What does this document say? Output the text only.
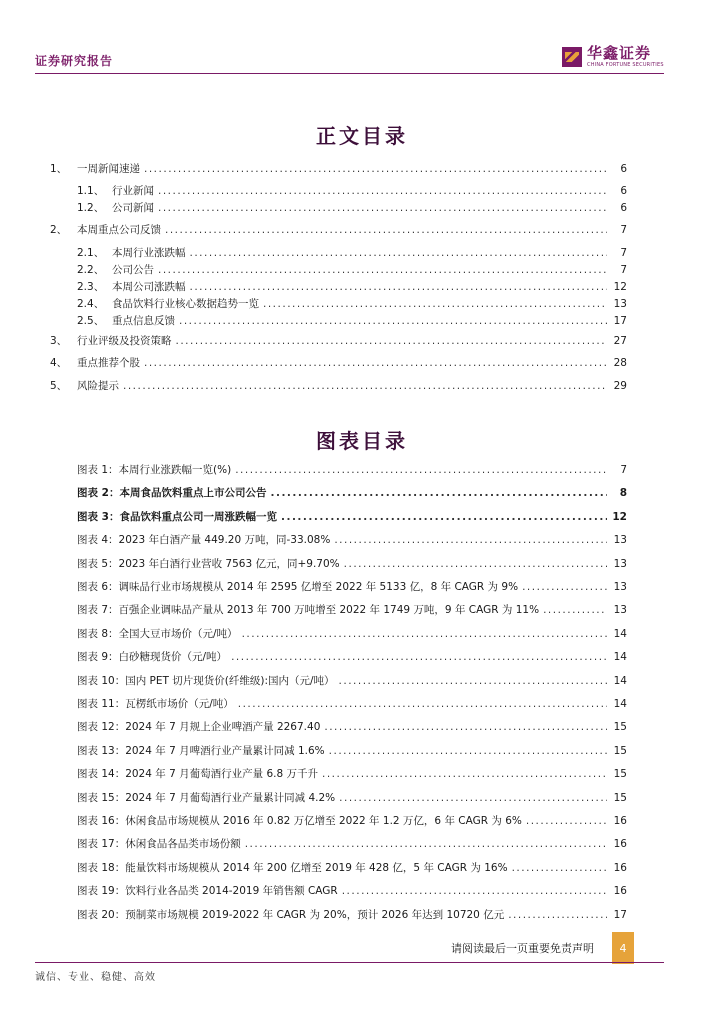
证券研究报告	华鑫证券
CHINA FORTUNE SECURITIES
正文目录
1、 一周新闻速递 .....	6
1.1、 行业新闻 .....	6
1.2、 公司新闻 .....	6
2、 本周重点公司反馈 .....	7
2.1、 本周行业涨跌幅 .....	7
2.2、 公司公告 .....	7
2.3、 本周公司涨跌幅 .....	12
2.4、 食品饮料行业核心数据趋势一览 .....	13
2.5、 重点信息反馈 .....	17
3、 行业评级及投资策略 .....	27
4、 重点推荐个股 .....	28
5、 风险提示 .....	29
图表目录
图表 1：本周行业涨跌幅一览(%) .....	7
图表 2：本周食品饮料重点上市公司公告 .....	8
图表 3：食品饮料重点公司一周涨跌幅一览 .....	12
图表 4：2023 年白酒产量 449.20 万吨，同-33.08% .....	13
图表 5：2023 年白酒行业营收 7563 亿元，同+9.70% .....	13
图表 6：调味品行业市场规模从 2014 年 2595 亿增至 2022 年 5133 亿，8 年 CAGR 为 9% .....	13
图表 7：百强企业调味品产量从 2013 年 700 万吨增至 2022 年 1749 万吨，9 年 CAGR 为 11% .....	13
图表 8：全国大豆市场价（元/吨） .....	14
图表 9：白砂糖现货价（元/吨） .....	14
图表 10：国内 PET 切片现货价(纤维级):国内（元/吨） .....	14
图表 11：瓦楞纸市场价（元/吨） .....	14
图表 12：2024 年 7 月规上企业啤酒产量 2267.40 .....	15
图表 13：2024 年 7 月啤酒行业产量累计同减 1.6% .....	15
图表 14：2024 年 7 月葡萄酒行业产量 6.8 万千升 .....	15
图表 15：2024 年 7 月葡萄酒行业产量累计同减 4.2% .....	15
图表 16：休闲食品市场规模从 2016 年 0.82 万亿增至 2022 年 1.2 万亿，6 年 CAGR 为 6% .....	16
图表 17：休闲食品各品类市场份额 .....	16
图表 18：能量饮料市场规模从 2014 年 200 亿增至 2019 年 428 亿，5 年 CAGR 为 16% .....	16
图表 19：饮料行业各品类 2014-2019 年销售额 CAGR .....	16
图表 20：预制菜市场规模 2019-2022 年 CAGR 为 20%，预计 2026 年达到 10720 亿元 .....	17
请阅读最后一页重要免责声明	4
诚信、专业、稳健、高效
